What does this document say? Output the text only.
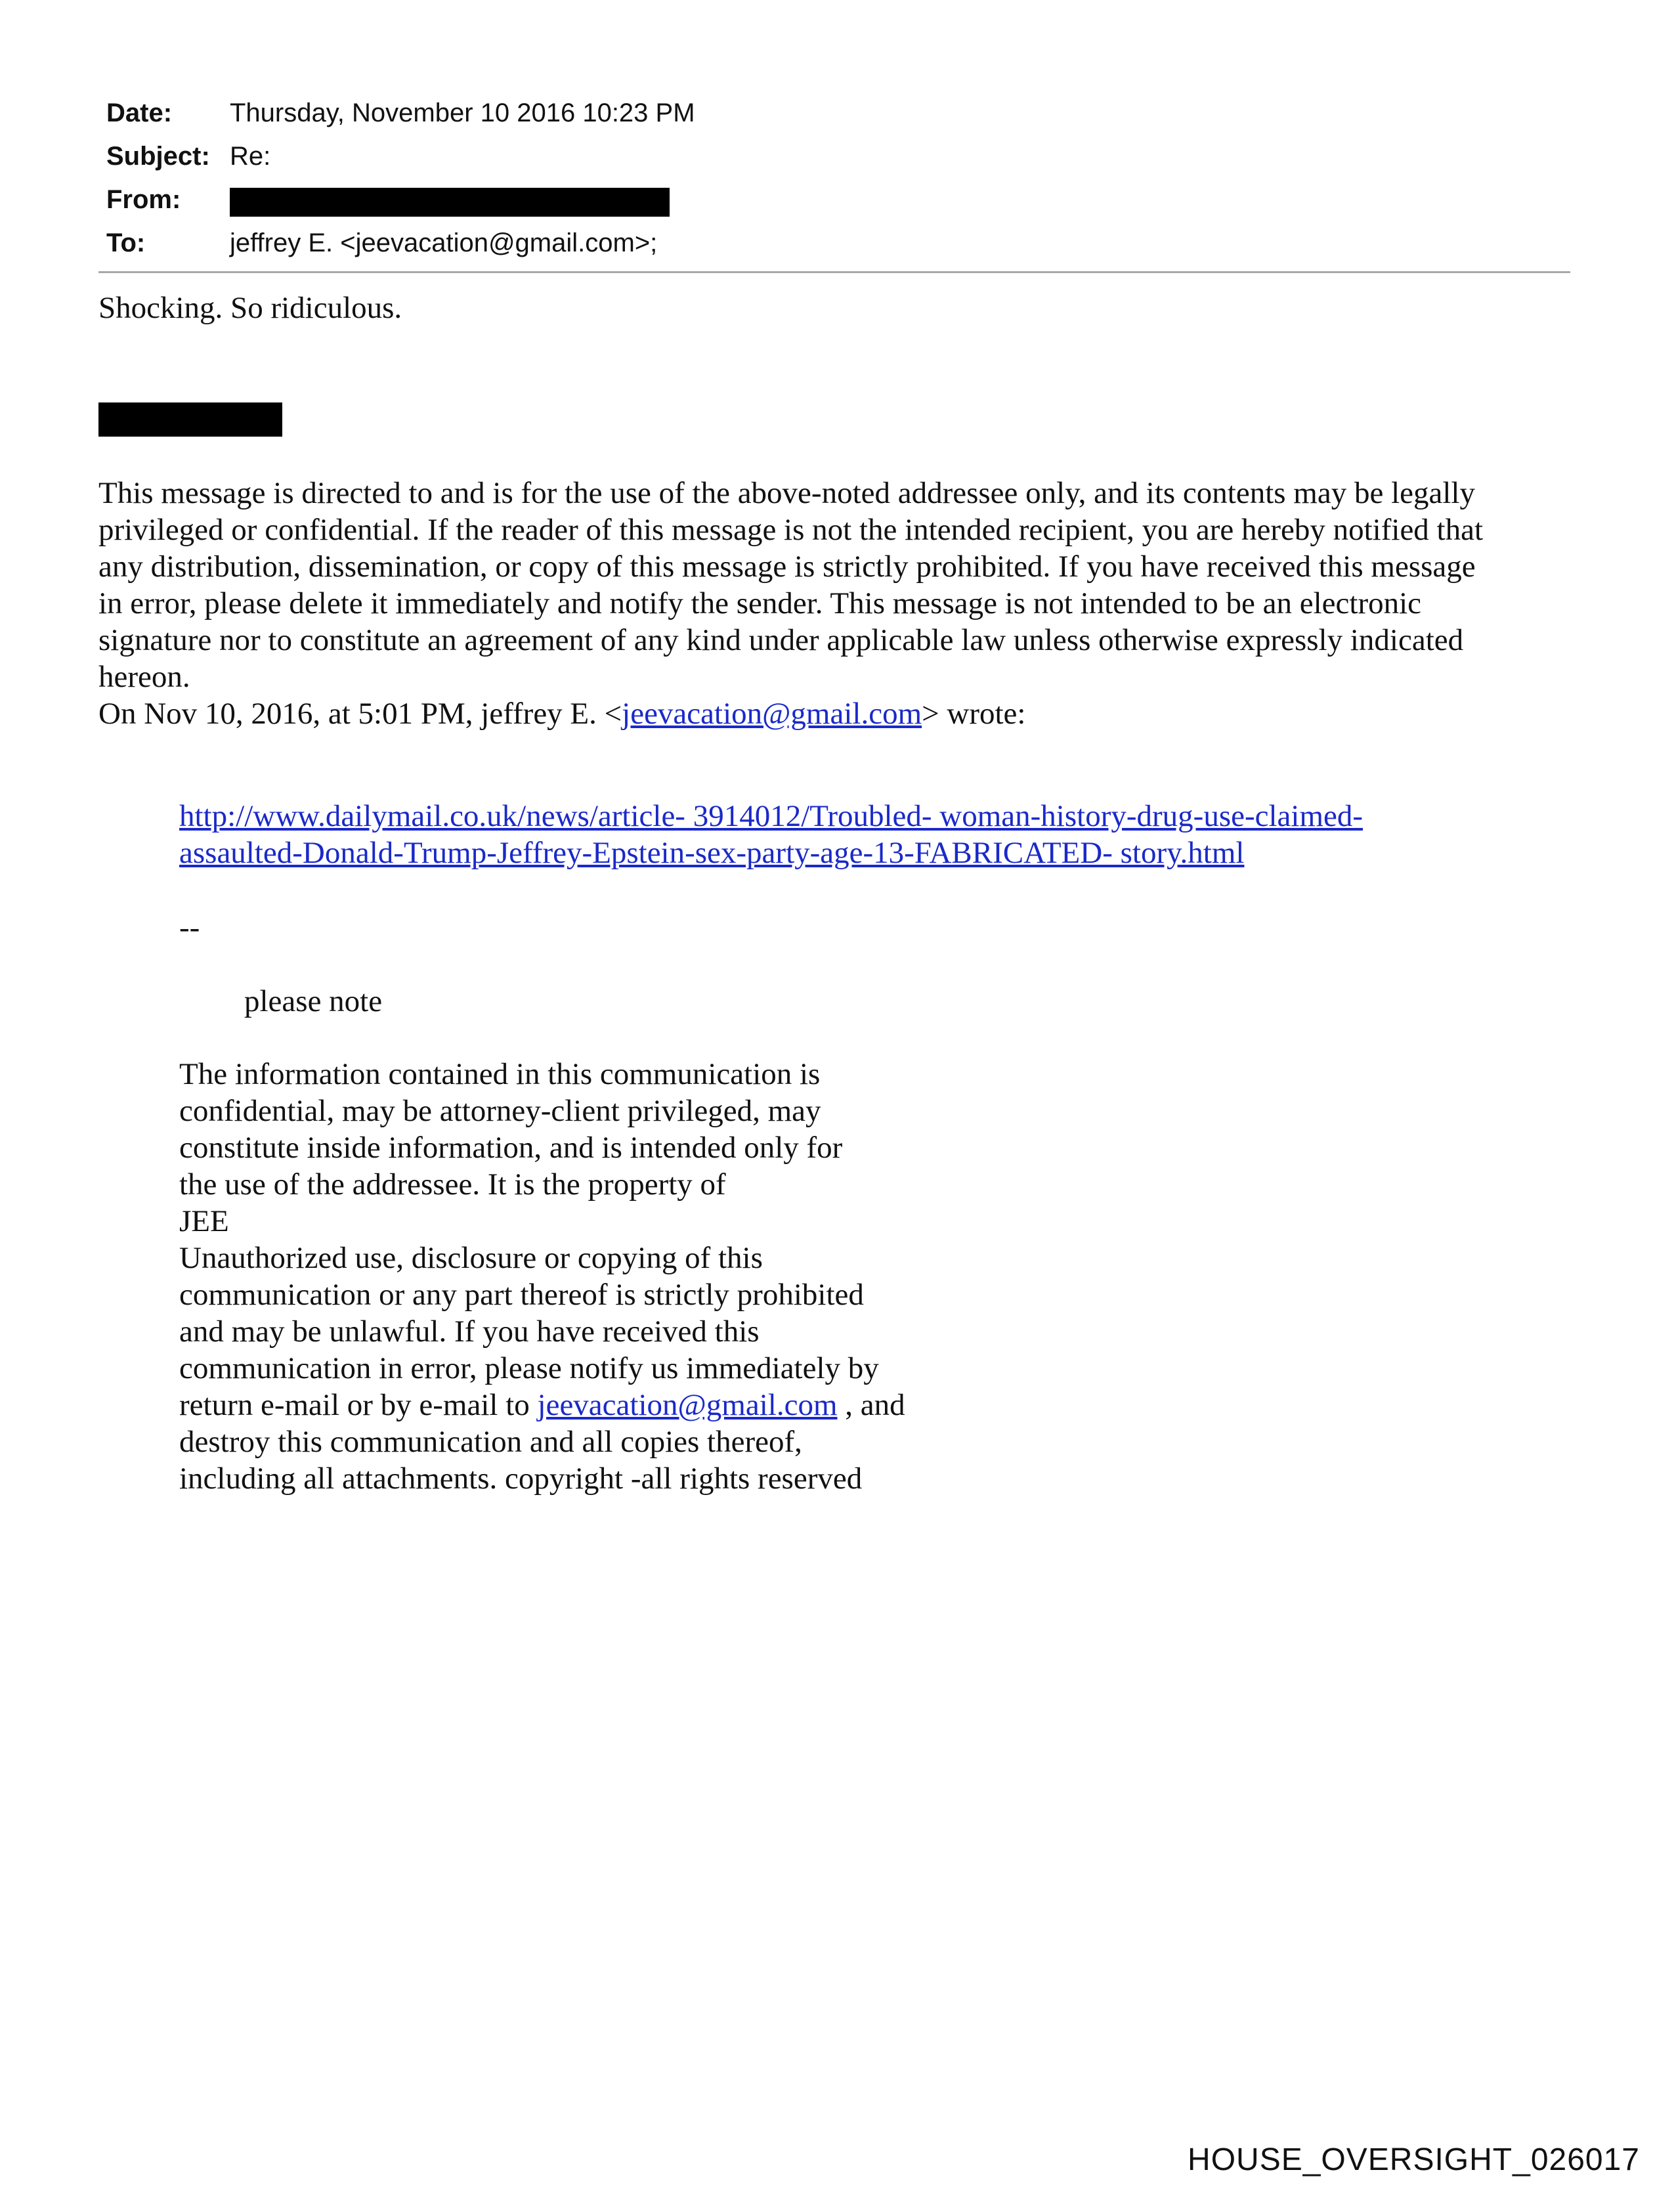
Date: Thursday, November 10 2016 10:23 PM
Subject: Re:
From:
To:	jeffrey E. <jeevacation@gmail.com>;
Shocking. So ridiculous.
This message is directed to and is for the use of the above-noted addressee only, and its contents may be legally
privileged or confidential. If the reader of this message is not the intended recipient, you are hereby notified that
any distribution, dissemination, or copy of this message is strictly prohibited. If you have received this message
in error, please delete it immediately and notify the sender. This message is not intended to be an electronic
signature nor to constitute an agreement of any kind under applicable law unless otherwise expressly indicated
hereon.
On Nov 10, 2016, at 5:01 PM, jeffrey E. <jeevacation@gmail.com> wrote:
http://www.dailymail.co.uk/news/article- 3914012/Troubled- woman-history-drug-use-claimed-
assaulted-Donald-Trump-Jeffrey-Epstein-sex-party-age-13-FABRICATED- story.html
--
please note
The information contained in this communication is
confidential, may be attorney-client privileged, may
constitute inside information, and is intended only for
the use of the addressee. It is the property of
JEE
Unauthorized use, disclosure or copying of this
communication or any part thereof is strictly prohibited
and may be unlawful. If you have received this
communication in error, please notify us immediately by
return e-mail or by e-mail to jeevacation@gmail.com , and
destroy this communication and all copies thereof,
including all attachments. copyright -all rights reserved
HOUSE_OVERSIGHT_026017
